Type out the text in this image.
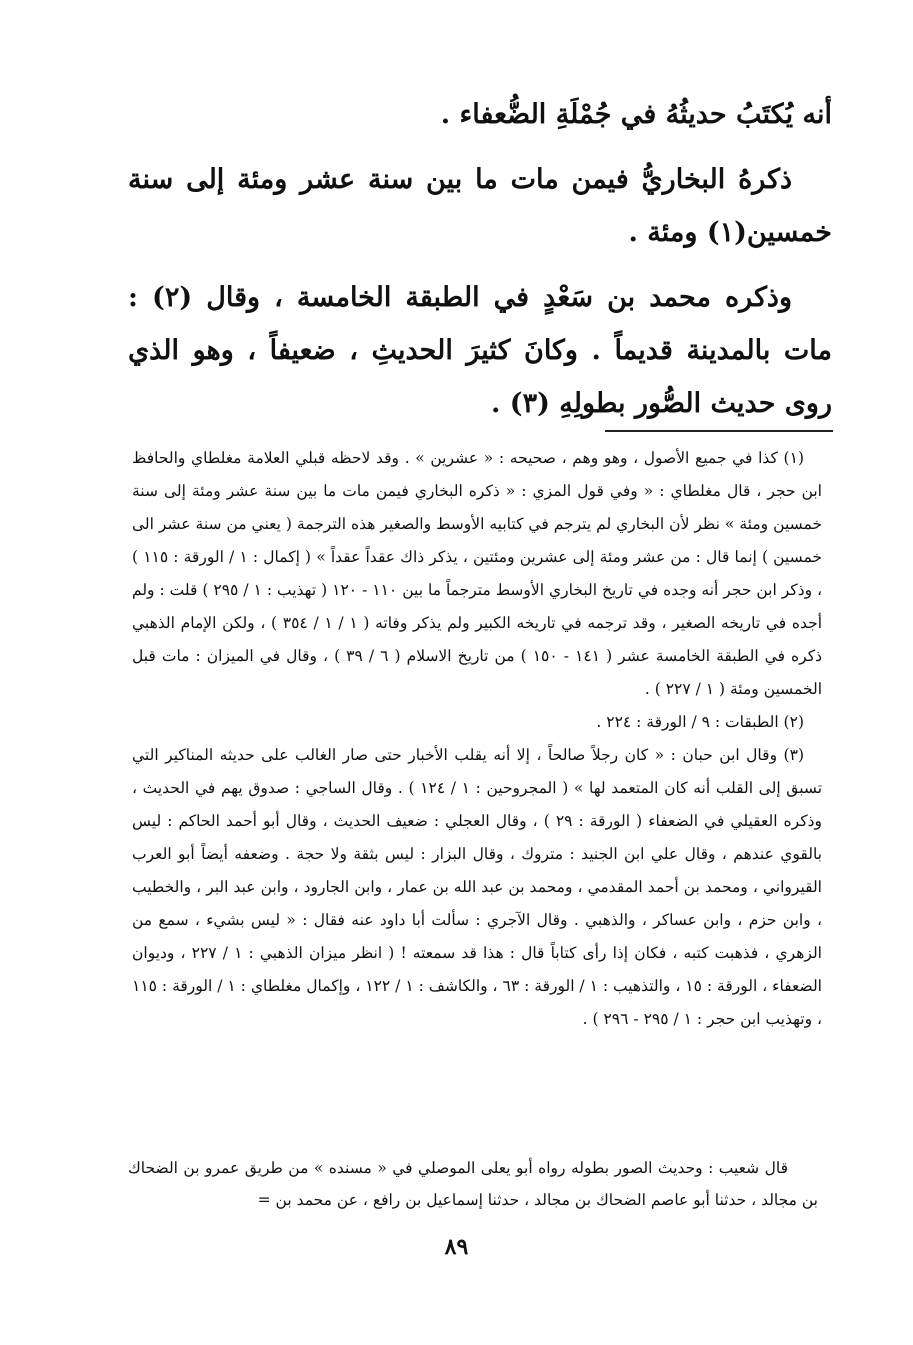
أنه يُكتَبُ حديثُهُ في جُمْلَةِ الضُّعفاء .

ذكرهُ البخاريُّ فيمن مات ما بين سنة عشر ومئة إلى سنة خمسين(١) ومئة .

وذكره محمد بن سَعْدٍ في الطبقة الخامسة ، وقال (٢) : مات بالمدينة قديماً . وكانَ كثيرَ الحديثِ ، ضعيفاً ، وهو الذي روى حديث الصُّور بطولِهِ (٣) .

(١) كذا في جميع الأصول ، وهو وهم ، صحيحه : « عشرين » . وقد لاحظه قبلي العلامة مغلطاي والحافظ ابن حجر ، قال مغلطاي : « وفي قول المزي : « ذكره البخاري فيمن مات ما بين سنة عشر ومئة إلى سنة خمسين ومئة » نظر لأن البخاري لم يترجم في كتابيه الأوسط والصغير هذه الترجمة ( يعني من سنة عشر الى خمسين ) إنما قال : من عشر ومئة إلى عشرين ومئتين ، يذكر ذاك عقداً عقداً » ( إكمال : ١ / الورقة : ١١٥ ) ، وذكر ابن حجر أنه وجده في تاريخ البخاري الأوسط مترجماً ما بين ١١٠ - ١٢٠ ( تهذيب : ١ / ٢٩٥ ) قلت : ولم أجده في تاريخه الصغير ، وقد ترجمه في تاريخه الكبير ولم يذكر وفاته ( ١ / ١ / ٣٥٤ ) ، ولكن الإمام الذهبي ذكره في الطبقة الخامسة عشر ( ١٤١ - ١٥٠ ) من تاريخ الاسلام ( ٦ / ٣٩ ) ، وقال في الميزان : مات قبل الخمسين ومئة ( ١ / ٢٢٧ ) .

(٢) الطبقات : ٩ / الورقة : ٢٢٤ .

(٣) وقال ابن حبان : « كان رجلاً صالحاً ، إلا أنه يقلب الأخبار حتى صار الغالب على حديثه المناكير التي تسبق إلى القلب أنه كان المتعمد لها » ( المجروحين : ١ / ١٢٤ ) . وقال الساجي : صدوق يهم في الحديث ، وذكره العقيلي في الضعفاء ( الورقة : ٢٩ ) ، وقال العجلي : ضعيف الحديث ، وقال أبو أحمد الحاكم : ليس بالقوي عندهم ، وقال علي ابن الجنيد : متروك ، وقال البزار : ليس بثقة ولا حجة . وضعفه أيضاً أبو العرب القيرواني ، ومحمد بن أحمد المقدمي ، ومحمد بن عبد الله بن عمار ، وابن الجارود ، وابن عبد البر ، والخطيب ، وابن حزم ، وابن عساكر ، والذهبي . وقال الآجري : سألت أبا داود عنه فقال : « ليس بشيء ، سمع من الزهري ، فذهبت كتبه ، فكان إذا رأى كتاباً قال : هذا قد سمعته ! ( انظر ميزان الذهبي : ١ / ٢٢٧ ، وديوان الضعفاء ، الورقة : ١٥ ، والتذهيب : ١ / الورقة : ٦٣ ، والكاشف : ١ / ١٢٢ ، وإكمال مغلطاي : ١ / الورقة : ١١٥ ، وتهذيب ابن حجر : ١ / ٢٩٥ - ٢٩٦ ) .

قال شعيب : وحديث الصور بطوله رواه أبو يعلى الموصلي في « مسنده » من طريق عمرو بن الضحاك بن مجالد ، حدثنا أبو عاصم الضحاك بن مجالد ، حدثنا إسماعيل بن رافع ، عن محمد بن =

٨٩
